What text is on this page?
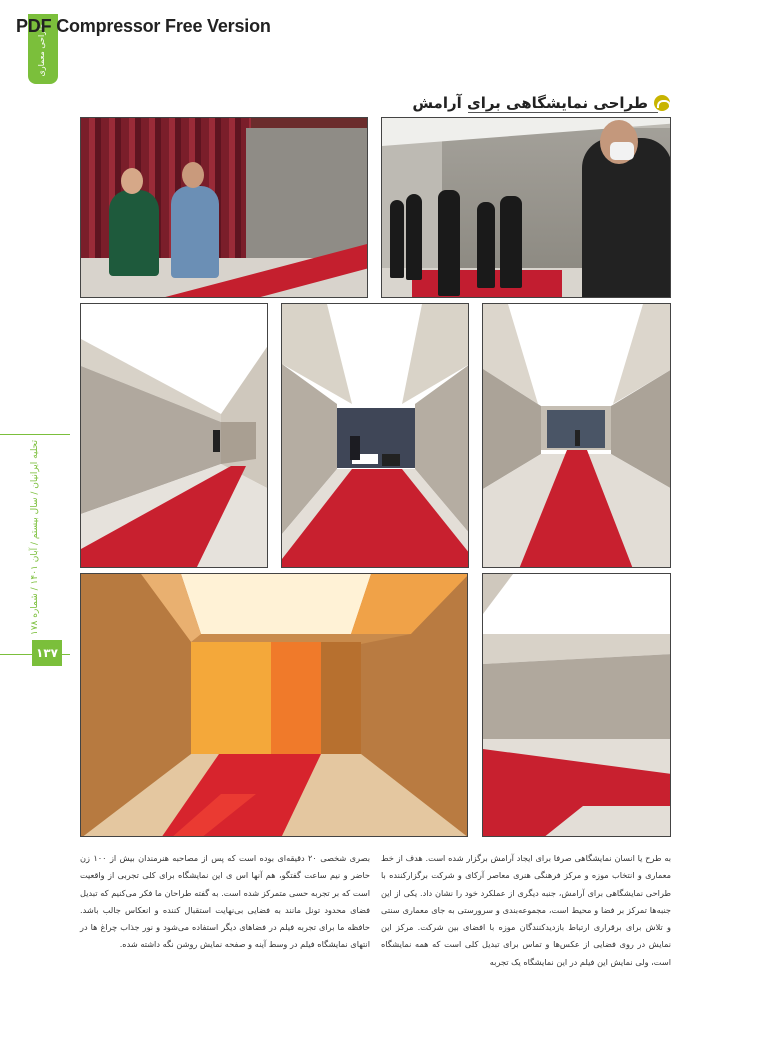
طراحی معماری
PDF Compressor Free Version
تحلیه ایرانیان / سال بیستم / آبان ۱۴۰۱ / شماره ۱۷۸
۱۳۷
طراحی نمایشگاهی برای آرامش
به طرح یا انسان نمایشگاهی صرفا برای ایجاد آرامش برگزار شده است. هدف از خط معماری و انتخاب موزه و مرکز فرهنگی هنری معاصر آرکای و شرکت برگزارکننده با طراحی نمایشگاهی برای آرامش، جنبه دیگری از عملکرد خود را نشان داد. یکی از این جنبه‌ها تمرکز بر فضا و محیط است، مجموعه‌بندی و سرورستی به جای معماری سنتی و تلاش برای برقراری ارتباط بازدیدکنندگان موزه با افضای بین شرکت. مرکز این نمایش در روی فضایی از عکس‌ها و تماس برای تبدیل کلی است که همه نمایشگاه است، ولی نمایش این فیلم در این نمایشگاه یک تجربه
بصری شخصی ۲۰ دقیقه‌ای بوده است که پس از مصاحبه هنرمندان بیش از ۱۰۰ زن حاضر و نیم ساعت گفتگو، هم آنها اس ی این نمایشگاه برای کلی تجربی از واقعیت است که بر تجربه حسی متمرکز شده است. به گفته طراحان ما فکر می‌کنیم که تبدیل فضای محدود تونل مانند به فضایی بی‌نهایت استقبال کننده و انعکاس جالب باشد. حافظه ما برای تجربه فیلم در فضاهای دیگر استفاده می‌شود و نور جذاب چراغ ها در انتهای نمایشگاه فیلم در وسط آینه و صفحه نمایش روشن نگه داشته شده.
